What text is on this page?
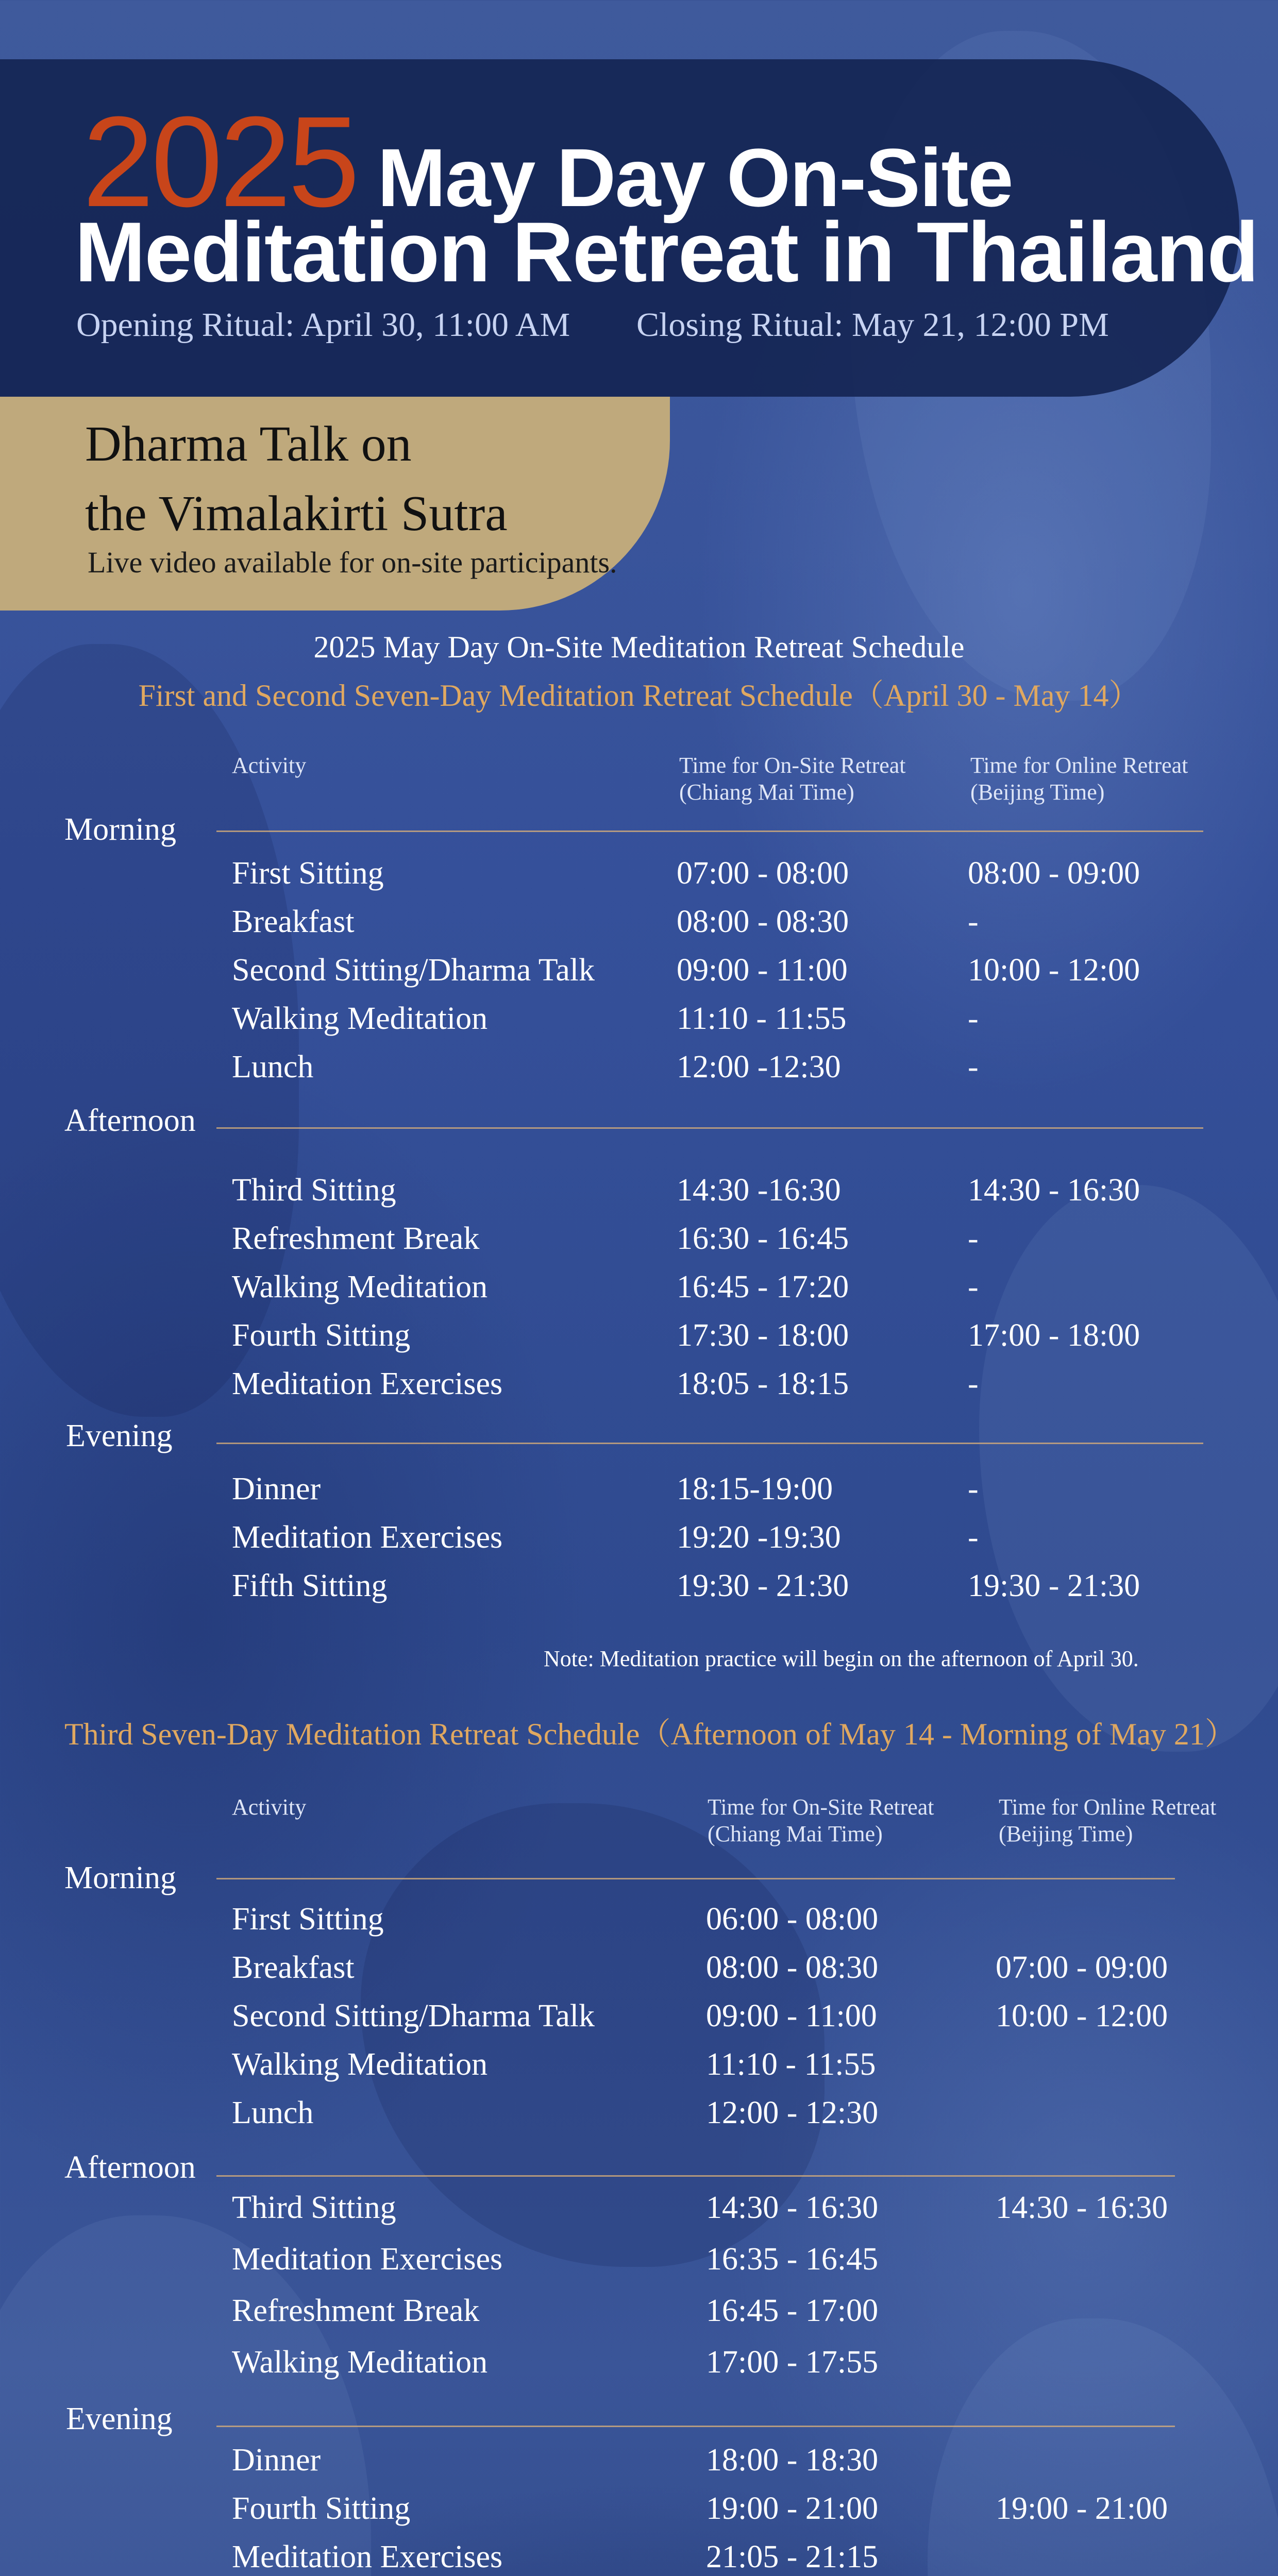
2025 May Day On-Site
Meditation Retreat in Thailand
Opening Ritual: April 30, 11:00 AM Closing Ritual: May 21, 12:00 PM
Dharma Talk on
the Vimalakirti Sutra
Live video available for on-site participants.
2025 May Day On-Site Meditation Retreat Schedule
First and Second Seven-Day Meditation Retreat Schedule（April 30 - May 14）
Activity	Time for On-Site Retreat
(Chiang Mai Time)
Time for Online Retreat
(Beijing Time)
Morning
First Sitting	07:00 - 08:00	08:00 - 09:00
Breakfast	08:00 - 08:30	-
Second Sitting/Dharma Talk	09:00 - 11:00	10:00 - 12:00
Walking Meditation	11:10 - 11:55	-
Lunch	12:00 -12:30	-
Afternoon
Third Sitting	14:30 -16:30	14:30 - 16:30
Refreshment Break	16:30 - 16:45	-
Walking Meditation	16:45 - 17:20	-
Fourth Sitting	17:30 - 18:00	17:00 - 18:00
Meditation Exercises	18:05 - 18:15	-
Evening
Dinner	18:15-19:00	-
Meditation Exercises	19:20 -19:30	-
Fifth Sitting	19:30 - 21:30	19:30 - 21:30
Note: Meditation practice will begin on the afternoon of April 30.
Third Seven-Day Meditation Retreat Schedule（Afternoon of May 14 - Morning of May 21）
Activity	Time for On-Site Retreat
(Chiang Mai Time)
Time for Online Retreat
(Beijing Time)
Morning
First Sitting	06:00 - 08:00
Breakfast	08:00 - 08:30	07:00 - 09:00
Second Sitting/Dharma Talk	09:00 - 11:00	10:00 - 12:00
Walking Meditation	11:10 - 11:55
Lunch	12:00 - 12:30
Afternoon
Third Sitting	14:30 - 16:30	14:30 - 16:30
Meditation Exercises	16:35 - 16:45
Refreshment Break	16:45 - 17:00
Walking Meditation	17:00 - 17:55
Evening
Dinner	18:00 - 18:30
Fourth Sitting	19:00 - 21:00	19:00 - 21:00
Meditation Exercises	21:05 - 21:15
